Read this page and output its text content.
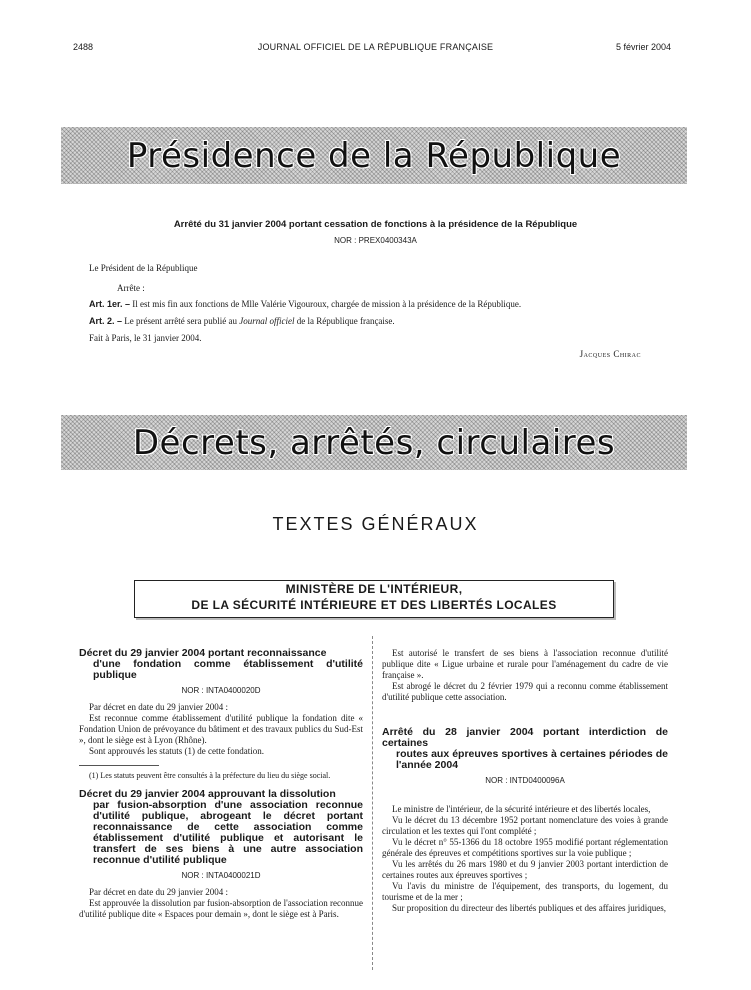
2488	JOURNAL OFFICIEL DE LA RÉPUBLIQUE FRANÇAISE	5 février 2004
Présidence de la République
Arrêté du 31 janvier 2004 portant cessation de fonctions à la présidence de la République
NOR : PREX0400343A
Le Président de la République
Arrête :
Art. 1er. – Il est mis fin aux fonctions de Mlle Valérie Vigouroux, chargée de mission à la présidence de la République.
Art. 2. – Le présent arrêté sera publié au Journal officiel de la République française.
Fait à Paris, le 31 janvier 2004.
Jacques Chirac
Décrets, arrêtés, circulaires
TEXTES GÉNÉRAUX
MINISTÈRE DE L'INTÉRIEUR,
DE LA SÉCURITÉ INTÉRIEURE ET DES LIBERTÉS LOCALES

Décret du 29 janvier 2004 portant reconnaissance
d'une fondation comme établissement d'utilité publique

NOR : INTA0400020D

Par décret en date du 29 janvier 2004 :

Est reconnue comme établissement d'utilité publique la fondation dite « Fondation Union de prévoyance du bâtiment et des travaux publics du Sud-Est », dont le siège est à Lyon (Rhône).

Sont approuvés les statuts (1) de cette fondation.

(1) Les statuts peuvent être consultés à la préfecture du lieu du siège social.

Décret du 29 janvier 2004 approuvant la dissolution
par fusion-absorption d'une association reconnue d'utilité publique, abrogeant le décret portant reconnaissance de cette association comme établissement d'utilité publique et autorisant le transfert de ses biens à une autre association reconnue d'utilité publique

NOR : INTA0400021D

Par décret en date du 29 janvier 2004 :

Est approuvée la dissolution par fusion-absorption de l'association reconnue d'utilité publique dite « Espaces pour demain », dont le siège est à Paris.

Est autorisé le transfert de ses biens à l'association reconnue d'utilité publique dite « Ligue urbaine et rurale pour l'aménagement du cadre de vie française ».

Est abrogé le décret du 2 février 1979 qui a reconnu comme établissement d'utilité publique cette association.

Arrêté du 28 janvier 2004 portant interdiction de certaines
routes aux épreuves sportives à certaines périodes de l'année 2004

NOR : INTD0400096A

Le ministre de l'intérieur, de la sécurité intérieure et des libertés locales,

Vu le décret du 13 décembre 1952 portant nomenclature des voies à grande circulation et les textes qui l'ont complété ;

Vu le décret n° 55-1366 du 18 octobre 1955 modifié portant réglementation générale des épreuves et compétitions sportives sur la voie publique ;

Vu les arrêtés du 26 mars 1980 et du 9 janvier 2003 portant interdiction de certaines routes aux épreuves sportives ;

Vu l'avis du ministre de l'équipement, des transports, du logement, du tourisme et de la mer ;

Sur proposition du directeur des libertés publiques et des affaires juridiques,
